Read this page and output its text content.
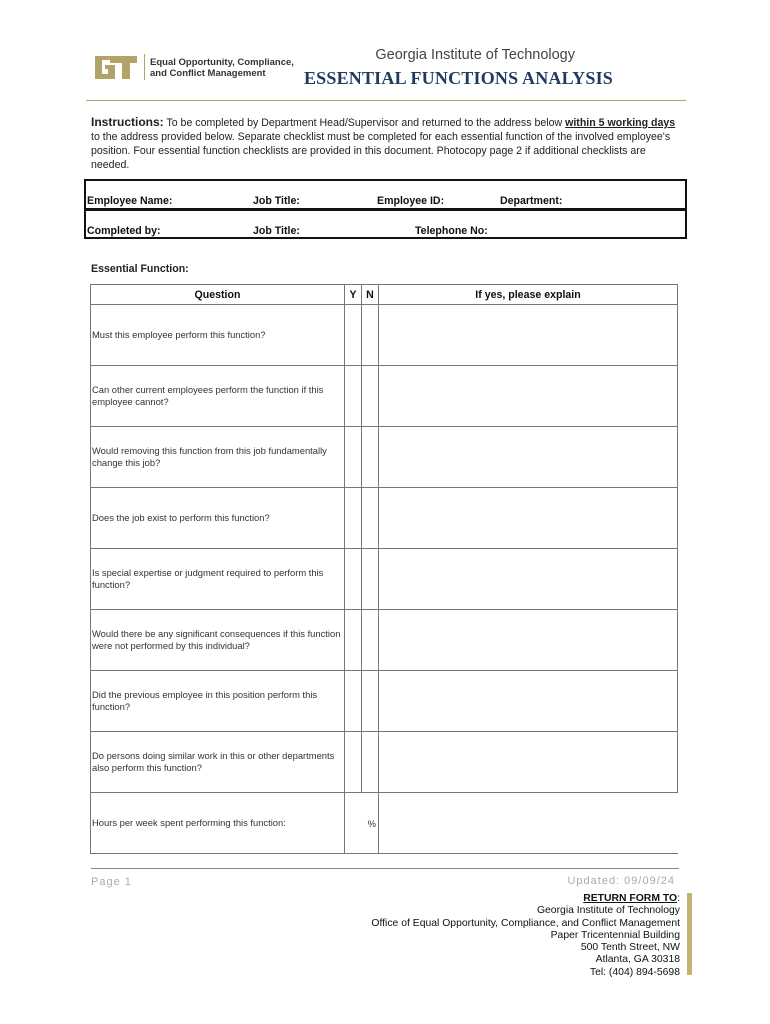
Equal Opportunity, Compliance,
and Conflict Management
Georgia Institute of Technology
ESSENTIAL FUNCTIONS ANALYSIS
Instructions: To be completed by Department Head/Supervisor and returned to the address below within 5 working days to the address provided below. Separate checklist must be completed for each essential function of the involved employee's position. Four essential function checklists are provided in this document. Photocopy page 2 if additional checklists are needed.
Employee Name:	Job Title:	Employee ID:	Department:
Completed by:	Job Title:	Telephone No:
Essential Function:
Question	Y	N	If yes, please explain
Must this employee perform this function?			
Can other current employees perform the function if this employee cannot?			
Would removing this function from this job fundamentally change this job?			
Does the job exist to perform this function?			
Is special expertise or judgment required to perform this function?			
Would there be any significant consequences if this function were not performed by this individual?			
Did the previous employee in this position perform this function?			
Do persons doing similar work in this or other departments also perform this function?			
Hours per week spent performing this function:	%		
Page 1	Updated: 09/09/24
RETURN FORM TO:
Georgia Institute of Technology
Office of Equal Opportunity, Compliance, and Conflict Management
Paper Tricentennial Building
500 Tenth Street, NW
Atlanta, GA 30318
Tel: (404) 894-5698
